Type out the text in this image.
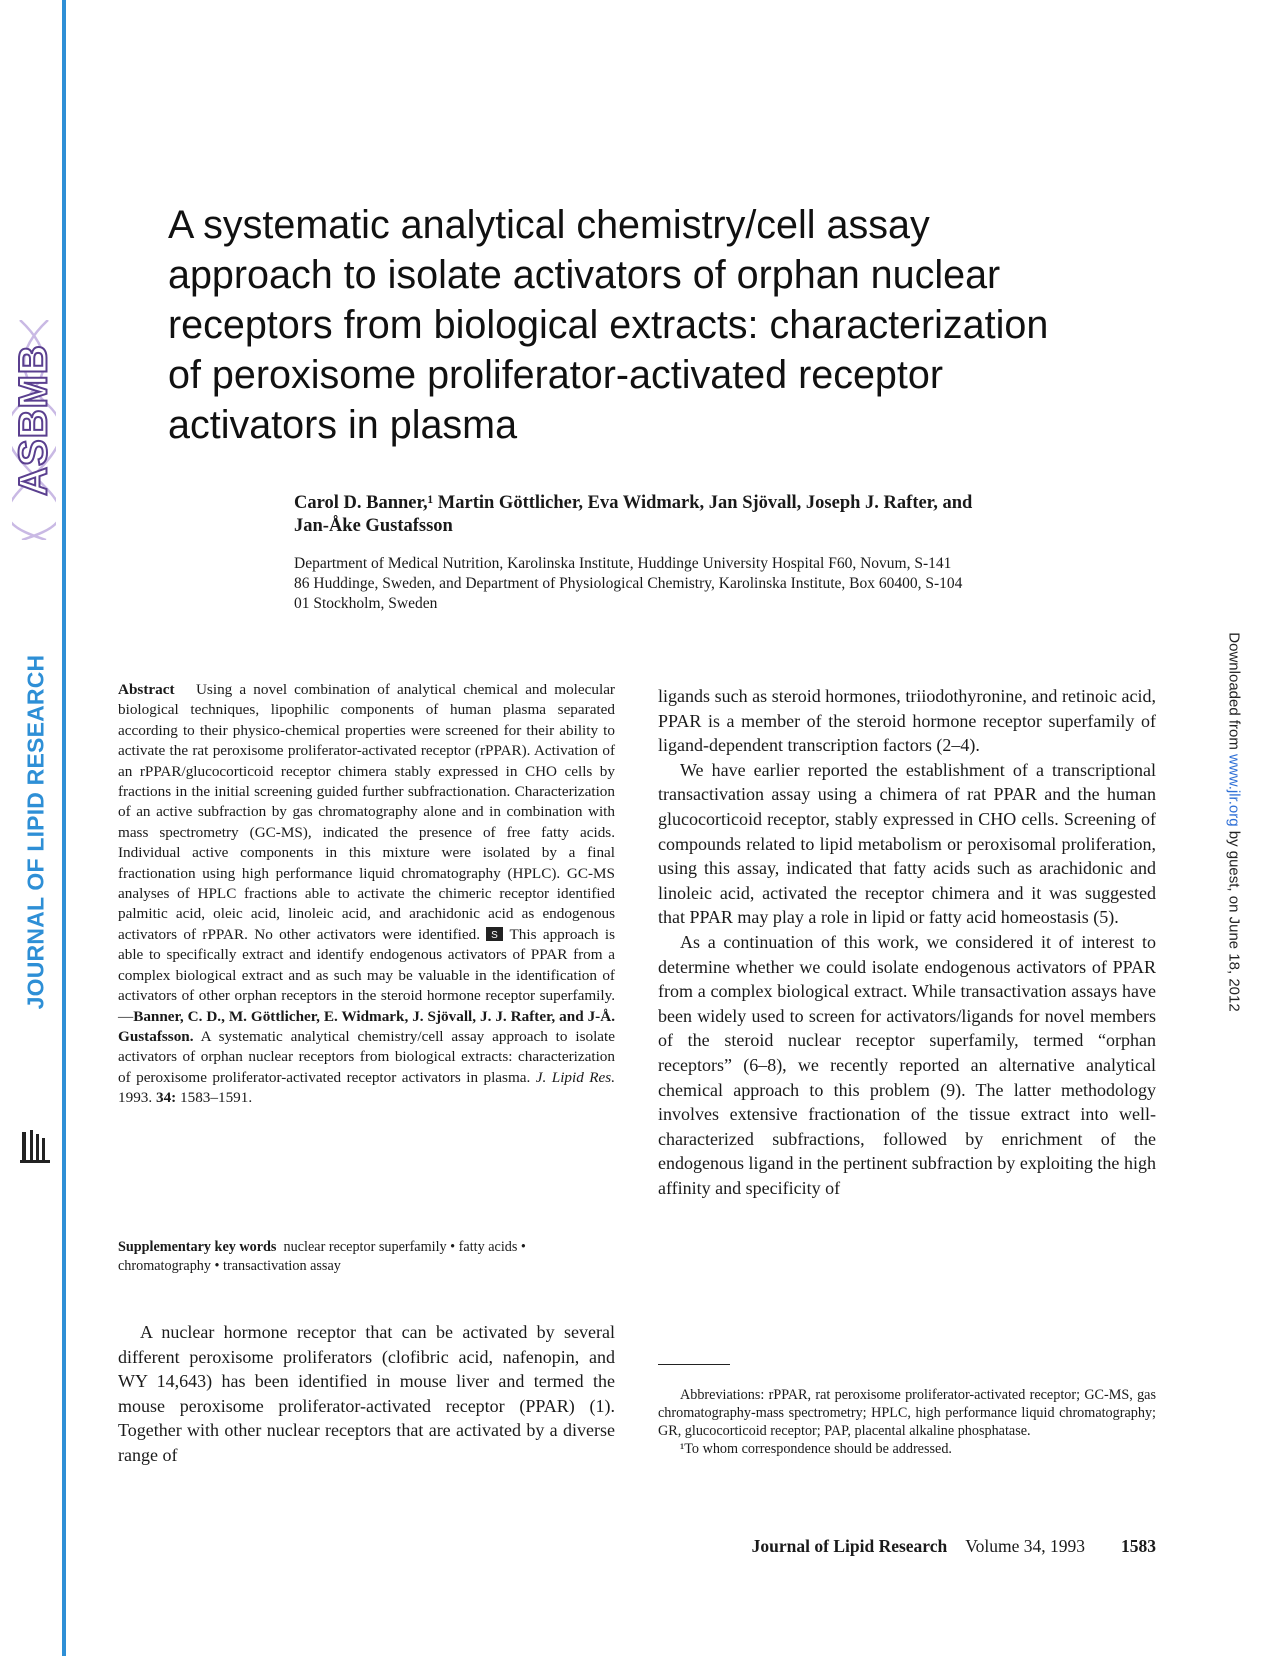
ASBMB
JOURNAL OF LIPID RESEARCH	Downloaded from www.jlr.org by guest, on June 18, 2012
A systematic analytical chemistry/cell assay
approach to isolate activators of orphan nuclear
receptors from biological extracts: characterization
of peroxisome proliferator-activated receptor
activators in plasma
Carol D. Banner,¹ Martin Göttlicher, Eva Widmark, Jan Sjövall, Joseph J. Rafter, and
Jan-Åke Gustafsson
Department of Medical Nutrition, Karolinska Institute, Huddinge University Hospital F60, Novum, S-141
86 Huddinge, Sweden, and Department of Physiological Chemistry, Karolinska Institute, Box 60400, S-104
01 Stockholm, Sweden

Abstract Using a novel combination of analytical chemical and molecular biological techniques, lipophilic components of human plasma separated according to their physico-chemical properties were screened for their ability to activate the rat peroxisome proliferator-activated receptor (rPPAR). Activation of an rPPAR/glucocorticoid receptor chimera stably expressed in CHO cells by fractions in the initial screening guided further subfractionation. Characterization of an active subfraction by gas chromatography alone and in combination with mass spectrometry (GC-MS), indicated the presence of free fatty acids. Individual active components in this mixture were isolated by a final fractionation using high performance liquid chromatography (HPLC). GC-MS analyses of HPLC fractions able to activate the chimeric receptor identified palmitic acid, oleic acid, linoleic acid, and arachidonic acid as endogenous activators of rPPAR. No other activators were identified. S This approach is able to specifically extract and identify endogenous activators of PPAR from a complex biological extract and as such may be valuable in the identification of activators of other orphan receptors in the steroid hormone receptor superfamily.—Banner, C. D., M. Göttlicher, E. Widmark, J. Sjövall, J. J. Rafter, and J-Å. Gustafsson. A systematic analytical chemistry/cell assay approach to isolate activators of orphan nuclear receptors from biological extracts: characterization of peroxisome proliferator-activated receptor activators in plasma. J. Lipid Res. 1993. 34: 1583–1591.

Supplementary key words nuclear receptor superfamily • fatty acids • chromatography • transactivation assay

A nuclear hormone receptor that can be activated by several different peroxisome proliferators (clofibric acid, nafenopin, and WY 14,643) has been identified in mouse liver and termed the mouse peroxisome proliferator-activated receptor (PPAR) (1). Together with other nuclear receptors that are activated by a diverse range of

ligands such as steroid hormones, triiodothyronine, and retinoic acid, PPAR is a member of the steroid hormone receptor superfamily of ligand-dependent transcription factors (2–4).

We have earlier reported the establishment of a transcriptional transactivation assay using a chimera of rat PPAR and the human glucocorticoid receptor, stably expressed in CHO cells. Screening of compounds related to lipid metabolism or peroxisomal proliferation, using this assay, indicated that fatty acids such as arachidonic and linoleic acid, activated the receptor chimera and it was suggested that PPAR may play a role in lipid or fatty acid homeostasis (5).

As a continuation of this work, we considered it of interest to determine whether we could isolate endogenous activators of PPAR from a complex biological extract. While transactivation assays have been widely used to screen for activators/ligands for novel members of the steroid nuclear receptor superfamily, termed “orphan receptors” (6–8), we recently reported an alternative analytical chemical approach to this problem (9). The latter methodology involves extensive fractionation of the tissue extract into well-characterized subfractions, followed by enrichment of the endogenous ligand in the pertinent subfraction by exploiting the high affinity and specificity of

Abbreviations: rPPAR, rat peroxisome proliferator-activated receptor; GC-MS, gas chromatography-mass spectrometry; HPLC, high performance liquid chromatography; GR, glucocorticoid receptor; PAP, placental alkaline phosphatase.

¹To whom correspondence should be addressed.

Journal of Lipid Research Volume 34, 1993 1583
